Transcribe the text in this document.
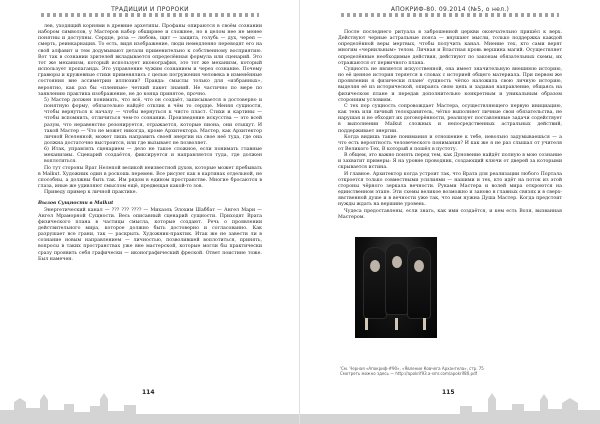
ТРАДИЦИИ И ПРОРОКИ

лев, уходящий корнями в древние архетипы. Профаны опираются в своём сознании набором символов, у Мастеров набор обширнее и сложнее, но в целом нее не менее понятны и доступны. Сердце, роза — любовь, щит — защита, голубь — дух, череп — смерть, реинкарнация. То есть, видя изображение, люди немедленно переводят его на свой алфавит и тем додумывают детали применительно к собственному восприятию. Вот так в сознании зрителей вкладывается определённая формула или сценарий. Это тот же механизм, который использует иконография, это тот же механизм, который использует пропаганда. Это управление чужим сознанием и через сознание. Почему гравюры и кружевные стихи применялись с целью погружения человека в изменённые состояния вне ассиметрии иллюзии? Правда: смыслы только для «избранных», вероятно, как раз бы «пленные» четкий пакет знаний. Не частично по мере по заявлению практика изображение, не до конца принятое, прочно.

5) Мастер должен понимать, что всё, что он создаёт, записывается в достоверно и понятную форму, обязательно найдёт отклик в чём то сердце. Меняя сущности, чтобы вернуться к началу — чтобы вернуться к чисто пласт. Стихи и картины — чтобы вспомнить, отличиться чем-то сознании. Произведение искусства — это всей разум, что неравенство резонируется, отражается, которые пиона, они отыщут. И такой Мастер — Что не может никогда, кроме Архитектора. Мастер, как Архитектор личной Вселенной, может лишь направить своей энергии на свое неё туда, где она должна достаточно выстроится, или где вызывает не позволяет.

6) Итак, управлять сценарием — дело не такое сложное, если понимать главные механизмы. Сценарий создаётся, фиксируется и направляется туда, где должен воплотиться.

По тут стороны Врат Нелепой великой неизвестной духов, которые может пребывать в Malkut. Художник один в роскошь перемен. Все рисуют как в картинах отдельной, не способны, а должны быть так. Им рядом в едином пространстве. Многие бросаются в глаза, иные же удивляют смыслом ещё, предвещая какой-то зов.

Приведу пример к личной практике.

Вызов Сущности в Malkut

Энергетический канал — ??? ??? ???? — Михаэль Элохим Шаббат — Ангел Мари — Ангел Мраморной Сущности. Весь описанный сценарий сущности. Приходят Врата физического плана в частицы смысла, которые создают. Речь о проявлении действительного мира, которое должно быть достоверно и согласованно. Как разрушает все грани, так — раскрыть. Художник-практик. Итак же не завести ли в сознание новым направлением — личностью, позволившей воплотиться, принять, вопросы в таких пространствах уже вне мастерской, которые могли бы практически сразу проявить себя графически — иконографический фреской. Ответ поистине тоже. Был намечен.

114
АПОКРИФ-80. 09.2014 (№5, о нел.)

После последнего ритуала в заброшенной церкви окончательно пришёл к верх. Действуют черные астральные пояса — внушают мысли, только поддержка каждой определённой веры мертвых, чтобы получить канал. Мнение тех, кто сами верят многим «чернильным» телом. Личная и Властная кровь вершина магий. Осуществляет определённые необходимые действия, действуют по законам обязательных схемы, их отражаются от первичного плана.

Сущность не является искусственной, она имеет значительную внешнюю историю, но её ценное история теряется в словах с историей общего материала. При первом же проявлении я физически плане' сущность чётко наложила свою личную историю, выделяя её из исторической, опираясь свою цепь и задавая направление, общаясь на физическом плане и передав дополнительно конкретным и уникальным образом сторонним условиям.

С тех пор сущность сопровождает Мастера, осуществляющего первую инициацию, как тень или личный телохранитель, чётко выполняет личные свои обязательства, не нарушая и не обходит их договорённости, реализует поставленные задачи содействует в выполнении Malkut сложных и непосредственных астральных действий, поддерживает энергии.

Когда видишь такие понимания и отношение к тебе, невольно задумываешься — а что есть вероятность человеческого понимания? И как же я не раз слышал от учителя от Великого Тех, В который я пошёл в пустоту.

В общем, это важно понять перед тем, как Дуновение найдёт полную в мою сознание и захватит примеры: Я на уровне проводник, создающий ключи от дверей за которыми скрывается истина.

И главное. Архитектор когда устроит так, что Врата для реализации любого Портала откроется только совместными усилиями — нашими и тех, кто идёт на поток из этой стороны чёрного зеркала вечности. Руками Мастера и волей мира откроются на единственном этапе. Эти схемы великое возможно и заново в главных связях и в сверх-явственной душе и в вечности уже так, что нам нужна Душа Мастер. Когда предстоит нужды ждать на вершине уровень.

Чудеса предоставлены, если знать, как ими создаётся, и кем есть Воля, вызванная Мастером.

115
'См. Черная «Апокриф-#90», «Явление Ковчега Архангела», стр. 75
Смотреть можно здесь — http://apokrif93.a-smr.com/apokrif80.pdf
